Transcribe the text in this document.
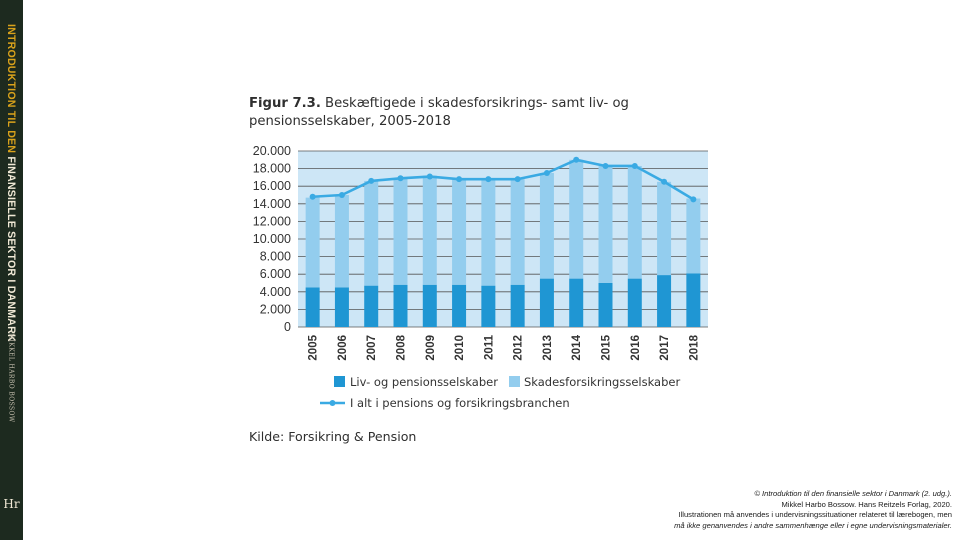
INTRODUKTION TIL DEN FINANSIELLE SEKTOR I DANMARK
MIKKEL HARBO BOSSOW
Hr
Figur 7.3. Beskæftigede i skadesforsikrings- samt liv- og pensionsselskaber, 2005-2018
20.000
18.000
16.000
14.000
12.000
10.000
8.000
6.000
4.000
2.000
0
2005 2006 2007 2008 2009 2010 2011 2012 2013 2014 2015 2016 2017 2018
Liv- og pensionsselskaber Skadesforsikringsselskaber
I alt i pensions og forsikringsbranchen
Kilde: Forsikring & Pension
© Introduktion til den finansielle sektor i Danmark (2. udg.).
Mikkel Harbo Bossow. Hans Reitzels Forlag, 2020.
Illustrationen må anvendes i undervisningssituationer relateret til lærebogen, men
må ikke genanvendes i andre sammenhænge eller i egne undervisningsmaterialer.
